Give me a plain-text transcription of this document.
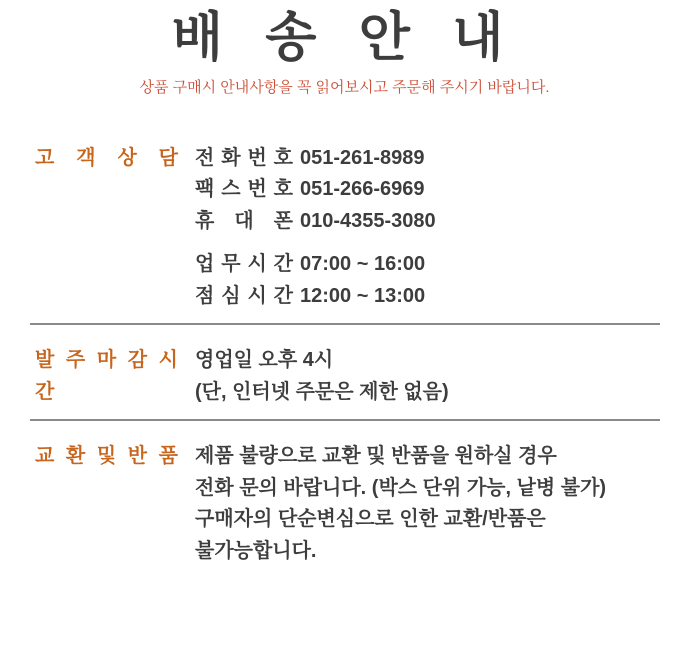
배 송 안 내

상품 구매시 안내사항을 꼭 읽어보시고 주문해 주시기 바랍니다.

고 객 상 담 전 화 번 호 051-261-8989
팩 스 번 호 051-266-6969
휴 대 폰 010-4355-3080
업 무 시 간 07:00 ~ 16:00
점 심 시 간 12:00 ~ 13:00
발 주 마 감 시 간
영업일 오후 4시
(단, 인터넷 주문은 제한 없음)
교 환 및 반 품 제품 불량으로 교환 및 반품을 원하실 경우
전화 문의 바랍니다. (박스 단위 가능, 낱병 불가)
구매자의 단순변심으로 인한 교환/반품은
불가능합니다.
